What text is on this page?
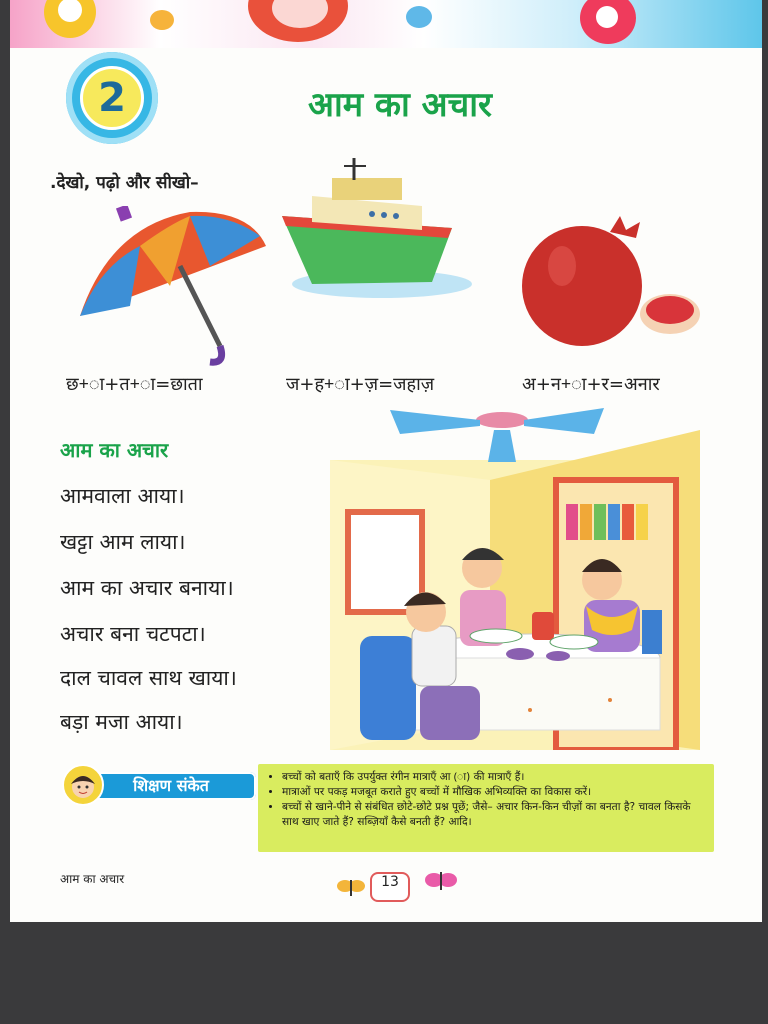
2	आम का अचार
.देखो, पढ़ो और सीखो–
छ+ा+त+ा=छाता	ज+ह+ा+ज़=जहाज़	अ+न+ा+र=अनार
आम का अचार
आमवाला आया।
खट्टा आम लाया।
आम का अचार बनाया।
अचार बना चटपटा।
दाल चावल साथ खाया।
बड़ा मजा आया।
शिक्षण संकेत
•	बच्चों को बताएँ कि उपर्युक्त रंगीन मात्राएँ आ (ा) की मात्राएँ हैं।
• मात्राओं पर पकड़ मजबूत कराते हुए बच्चों में मौखिक अभिव्यक्ति का विकास करें।
• बच्चों से खाने-पीने से संबंधित छोटे-छोटे प्रश्न पूछें; जैसे– अचार किन-किन चीज़ों का बनता है? चावल किसके साथ खाए जाते हैं? सब्ज़ियाँ कैसे बनती हैं? आदि।
आम का अचार	13
